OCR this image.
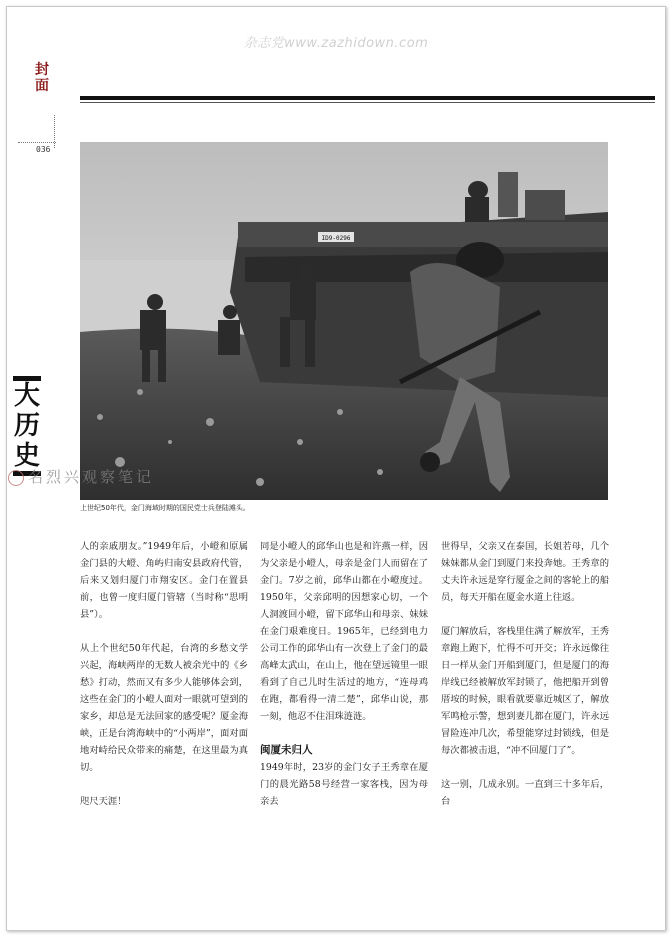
杂志党www.zazhidown.com
封面
036
ID9-0296
上世纪50年代，金门海域时期的国民党士兵登陆滩头。
大
历
史
名烈兴观察笔记

人的亲戚朋友。”1949年后，小嶝和原属金门县的大嶝、角屿归南安县政府代管，后来又划归厦门市翔安区。金门在置县前，也曾一度归厦门管辖（当时称“思明县”）。

从上个世纪50年代起，台湾的乡愁文学兴起，海峡两岸的无数人被余光中的《乡愁》打动，然而又有多少人能够体会到，这些在金门的小嶝人面对一眼就可望到的家乡，却总是无法回家的感受呢？厦金海峡，正是台湾海峡中的“小两岸”，面对面地对峙给民众带来的痛楚，在这里最为真切。

咫尺天涯！

同是小嶝人的邱华山也是和许燕一样，因为父亲是小嶝人，母亲是金门人而留在了金门。7岁之前，邱华山都在小嶝度过。1950年，父亲邱明的因想家心切，一个人洞渡回小嶝，留下邱华山和母亲、妹妹在金门艰难度日。1965年，已经到电力公司工作的邱华山有一次登上了金门的最高峰太武山，在山上，他在望远镜里一眼看到了自己儿时生活过的地方，“连母鸡在跑，都看得一清二楚”，邱华山说，那一刻，他忍不住泪珠涟涟。

闽厦未归人

1949年时，23岁的金门女子王秀章在厦门的晨光路58号经营一家客栈，因为母亲去

世得早，父亲又在泰国，长姐若母，几个妹妹都从金门到厦门来投奔她。王秀章的丈夫许永远是穿行厦金之间的客轮上的船员，每天开船在厦金水道上往返。

厦门解放后，客栈里住满了解放军，王秀章跑上跑下，忙得不可开交；许永远像往日一样从金门开船到厦门，但是厦门的海岸线已经被解放军封锁了，他把船开到曾厝垵的时候，眼看就要靠近城区了，解放军鸣枪示警，想到妻儿都在厦门，许永远冒险连冲几次，希望能穿过封锁线，但是每次都被击退，“冲不回厦门了”。

这一别，几成永别。一直到三十多年后，台
